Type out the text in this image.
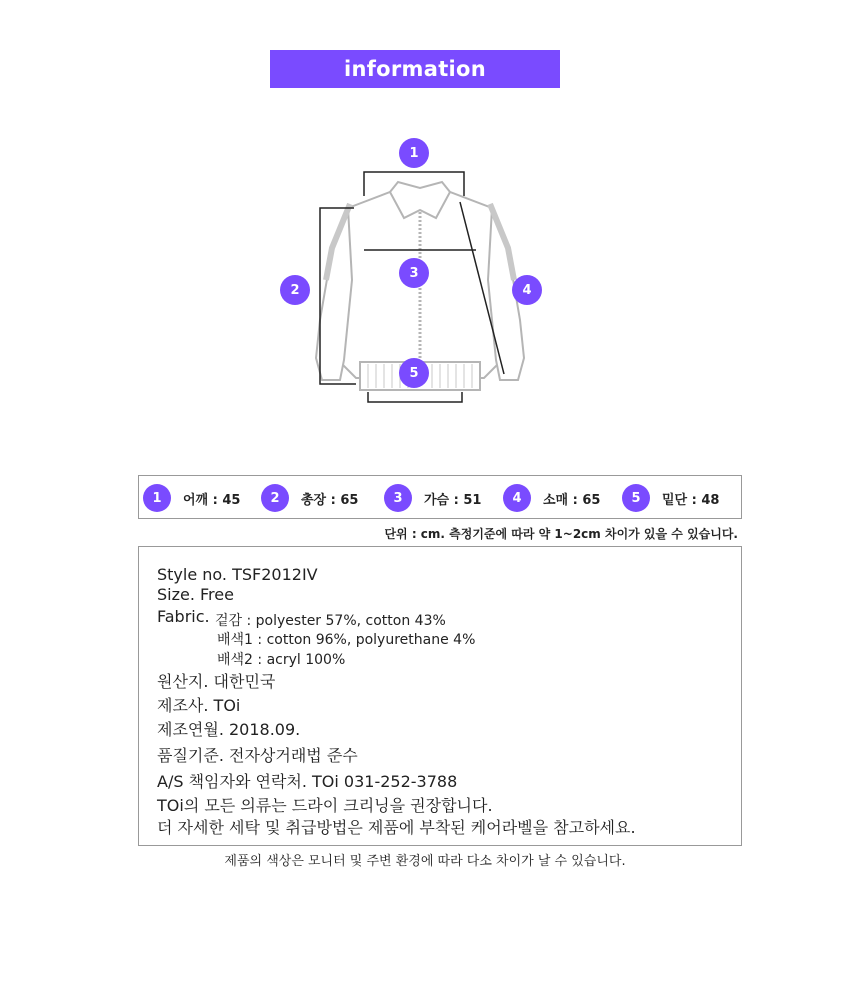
information
1
2
3
4
5
1	어깨 : 45	2	총장 : 65	3	가슴 : 51	4	소매 : 65	5	밑단 : 48
단위 : cm. 측정기준에 따라 약 1~2cm 차이가 있을 수 있습니다.
Style no. TSF2012IV
Size. Free
Fabric. 겉감 : polyester 57%, cotton 43%
배색1 : cotton 96%, polyurethane 4%
배색2 : acryl 100%
원산지. 대한민국
제조사. TOi
제조연월. 2018.09.
품질기준. 전자상거래법 준수
A/S 책임자와 연락처. TOi 031-252-3788
TOi의 모든 의류는 드라이 크리닝을 권장합니다.
더 자세한 세탁 및 취급방법은 제품에 부착된 케어라벨을 참고하세요.
제품의 색상은 모니터 및 주변 환경에 따라 다소 차이가 날 수 있습니다.
